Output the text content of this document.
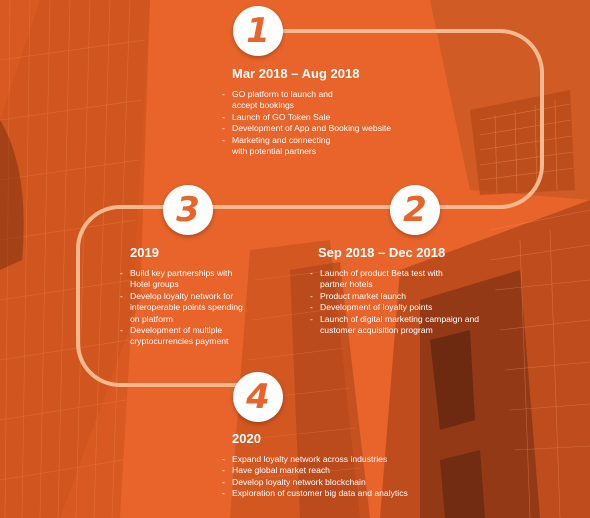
1
2
3
4
Mar 2018 – Aug 2018
- GO platform to launch and
accept bookings
- Launch of GO Token Sale
- Development of App and Booking website
- Marketing and connecting
with potential partners
Sep 2018 – Dec 2018
- Launch of product Beta test with
partner hotels
- Product market launch
- Development of loyalty points
- Launch of digital marketing campaign and
customer acquisition program
2019
- Build key partnerships with
Hotel groups
- Develop loyalty network for
interoperable points spending
on platform
- Development of multiple
cryptocurrencies payment
2020
- Expand loyalty network across industries
- Have global market reach
- Develop loyalty network blockchain
- Exploration of customer big data and analytics
